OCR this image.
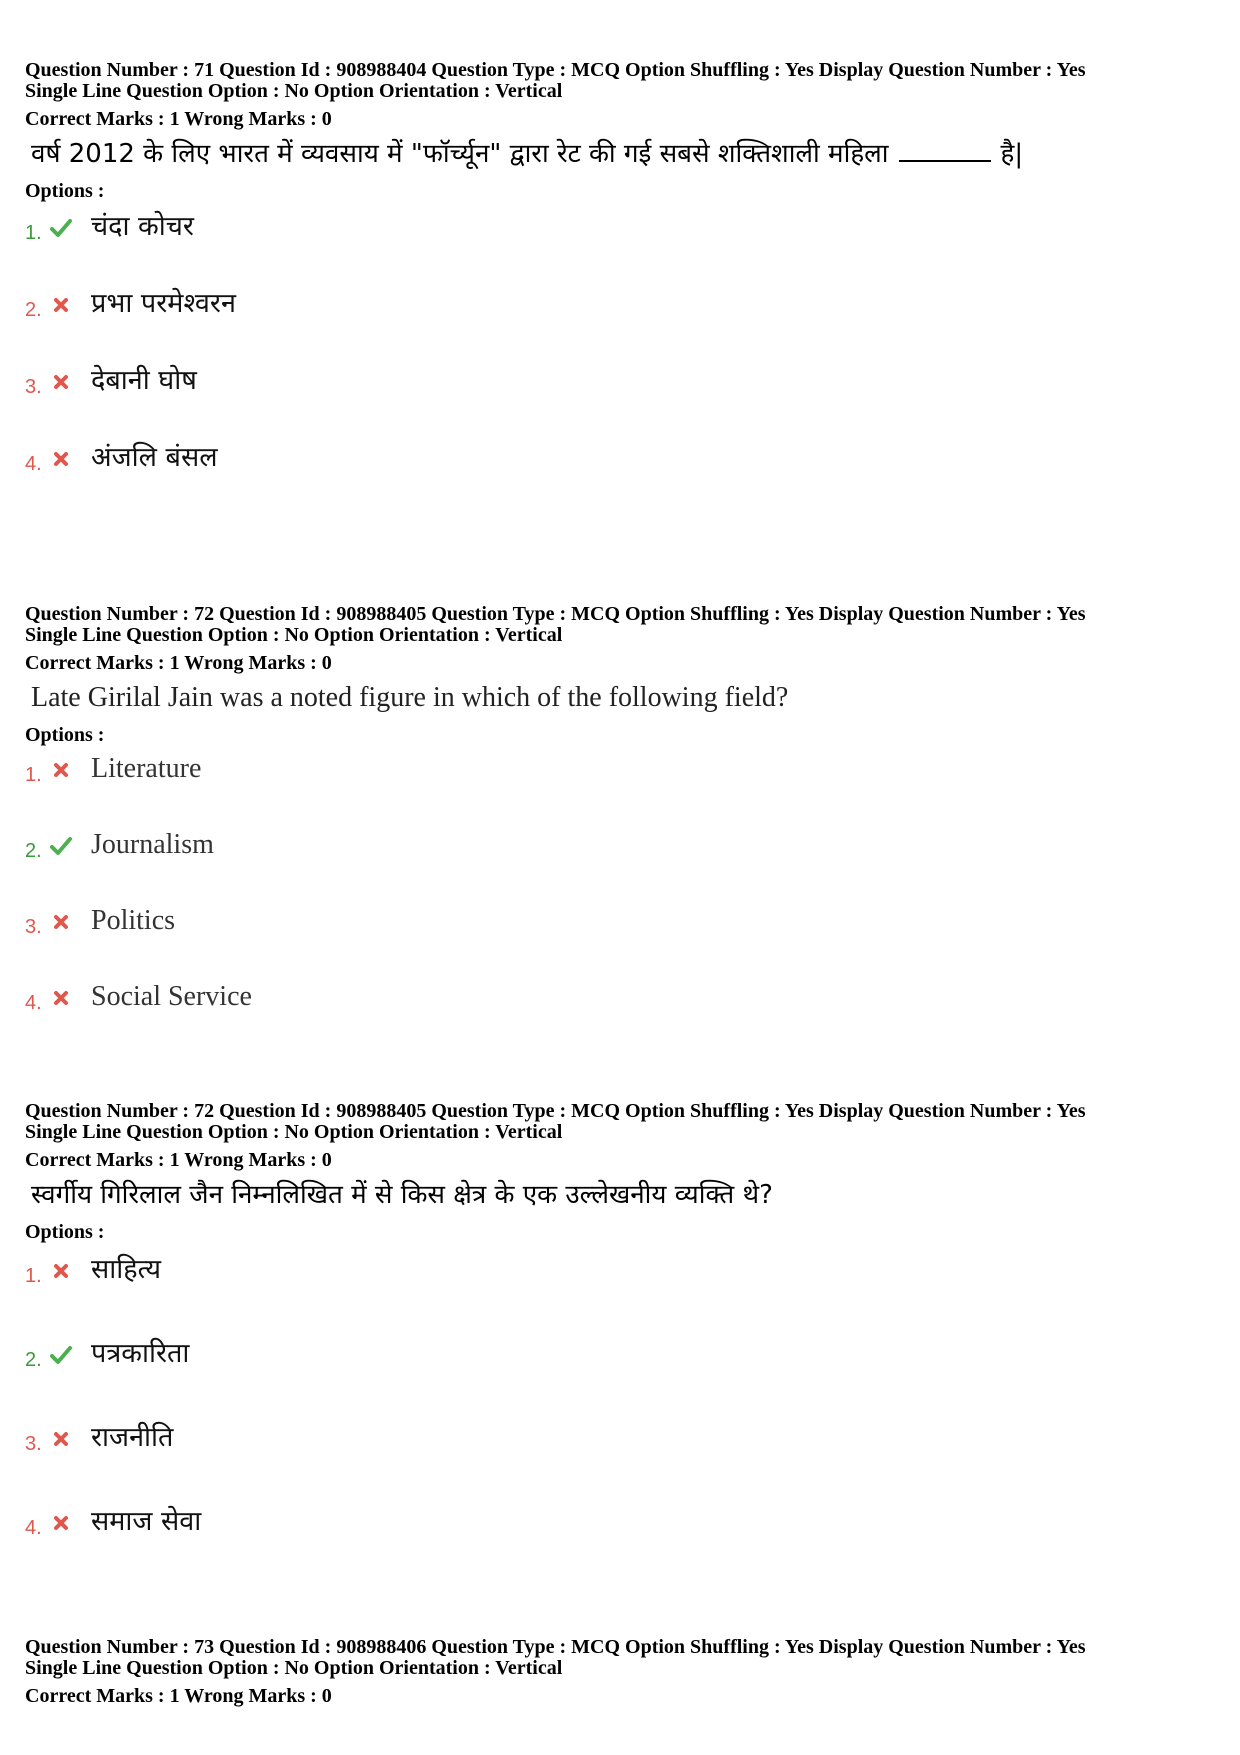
Question Number : 71 Question Id : 908988404 Question Type : MCQ Option Shuffling : Yes Display Question Number : Yes

Single Line Question Option : No Option Orientation : Vertical

Correct Marks : 1 Wrong Marks : 0

वर्ष 2012 के लिए भारत में व्यवसाय में "फॉर्च्यून" द्वारा रेट की गई सबसे शक्तिशाली महिला	है|

Options :

1. चंदा कोचर
2. प्रभा परमेश्वरन
3. देबानी घोष
4. अंजलि बंसल

Question Number : 72 Question Id : 908988405 Question Type : MCQ Option Shuffling : Yes Display Question Number : Yes

Single Line Question Option : No Option Orientation : Vertical

Correct Marks : 1 Wrong Marks : 0

Late Girilal Jain was a noted figure in which of the following field?

Options :

1. Literature
2. Journalism
3. Politics
4. Social Service

Question Number : 72 Question Id : 908988405 Question Type : MCQ Option Shuffling : Yes Display Question Number : Yes

Single Line Question Option : No Option Orientation : Vertical

Correct Marks : 1 Wrong Marks : 0

स्वर्गीय गिरिलाल जैन निम्नलिखित में से किस क्षेत्र के एक उल्लेखनीय व्यक्ति थे?

Options :

1. साहित्य
2. पत्रकारिता
3. राजनीति
4. समाज सेवा

Question Number : 73 Question Id : 908988406 Question Type : MCQ Option Shuffling : Yes Display Question Number : Yes

Single Line Question Option : No Option Orientation : Vertical

Correct Marks : 1 Wrong Marks : 0
